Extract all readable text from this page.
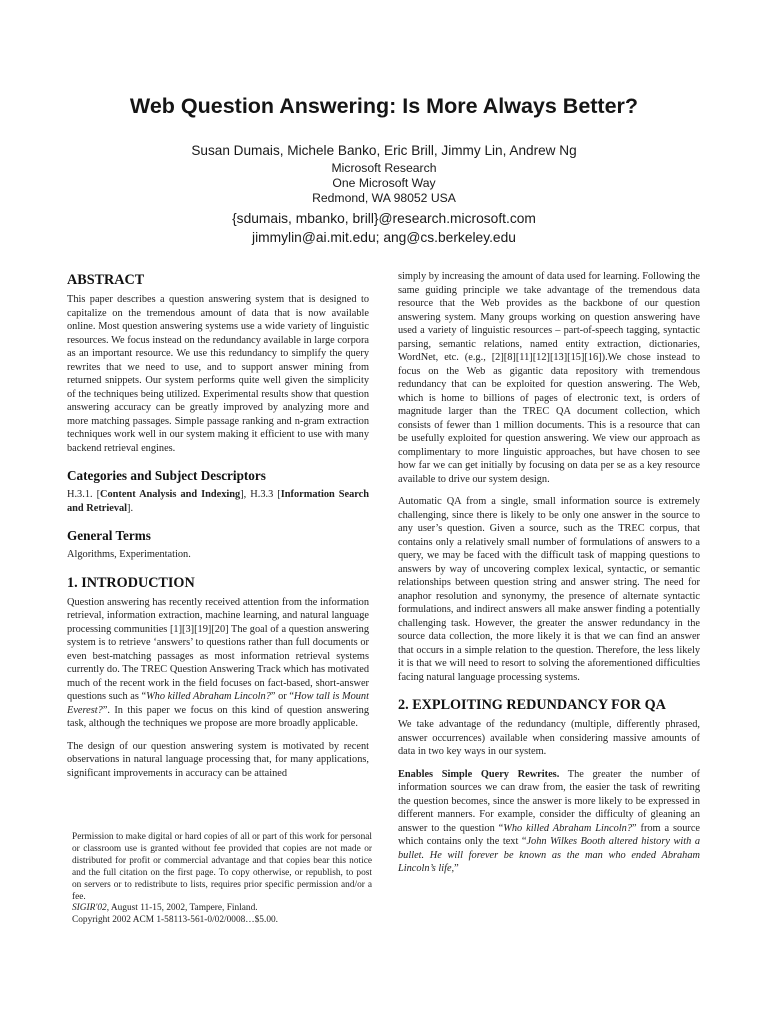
Web Question Answering: Is More Always Better?
Susan Dumais, Michele Banko, Eric Brill, Jimmy Lin, Andrew Ng
Microsoft Research
One Microsoft Way
Redmond, WA 98052 USA
{sdumais, mbanko, brill}@research.microsoft.com
jimmylin@ai.mit.edu; ang@cs.berkeley.edu
ABSTRACT

This paper describes a question answering system that is designed to capitalize on the tremendous amount of data that is now available online. Most question answering systems use a wide variety of linguistic resources. We focus instead on the redundancy available in large corpora as an important resource. We use this redundancy to simplify the query rewrites that we need to use, and to support answer mining from returned snippets. Our system performs quite well given the simplicity of the techniques being utilized. Experimental results show that question answering accuracy can be greatly improved by analyzing more and more matching passages. Simple passage ranking and n-gram extraction techniques work well in our system making it efficient to use with many backend retrieval engines.

Categories and Subject Descriptors

H.3.1. [Content Analysis and Indexing], H.3.3 [Information Search and Retrieval].

General Terms

Algorithms, Experimentation.

1. INTRODUCTION

Question answering has recently received attention from the information retrieval, information extraction, machine learning, and natural language processing communities [1][3][19][20] The goal of a question answering system is to retrieve ‘answers’ to questions rather than full documents or even best-matching passages as most information retrieval systems currently do. The TREC Question Answering Track which has motivated much of the recent work in the field focuses on fact-based, short-answer questions such as “Who killed Abraham Lincoln?” or “How tall is Mount Everest?”. In this paper we focus on this kind of question answering task, although the techniques we propose are more broadly applicable.

The design of our question answering system is motivated by recent observations in natural language processing that, for many applications, significant improvements in accuracy can be attained

Permission to make digital or hard copies of all or part of this work for personal or classroom use is granted without fee provided that copies are not made or distributed for profit or commercial advantage and that copies bear this notice and the full citation on the first page. To copy otherwise, or republish, to post on servers or to redistribute to lists, requires prior specific permission and/or a fee.
SIGIR'02, August 11-15, 2002, Tampere, Finland.
Copyright 2002 ACM 1-58113-561-0/02/0008…$5.00.

simply by increasing the amount of data used for learning. Following the same guiding principle we take advantage of the tremendous data resource that the Web provides as the backbone of our question answering system. Many groups working on question answering have used a variety of linguistic resources – part-of-speech tagging, syntactic parsing, semantic relations, named entity extraction, dictionaries, WordNet, etc. (e.g., [2][8][11][12][13][15][16]).We chose instead to focus on the Web as gigantic data repository with tremendous redundancy that can be exploited for question answering. The Web, which is home to billions of pages of electronic text, is orders of magnitude larger than the TREC QA document collection, which consists of fewer than 1 million documents. This is a resource that can be usefully exploited for question answering. We view our approach as complimentary to more linguistic approaches, but have chosen to see how far we can get initially by focusing on data per se as a key resource available to drive our system design.

Automatic QA from a single, small information source is extremely challenging, since there is likely to be only one answer in the source to any user’s question. Given a source, such as the TREC corpus, that contains only a relatively small number of formulations of answers to a query, we may be faced with the difficult task of mapping questions to answers by way of uncovering complex lexical, syntactic, or semantic relationships between question string and answer string. The need for anaphor resolution and synonymy, the presence of alternate syntactic formulations, and indirect answers all make answer finding a potentially challenging task. However, the greater the answer redundancy in the source data collection, the more likely it is that we can find an answer that occurs in a simple relation to the question. Therefore, the less likely it is that we will need to resort to solving the aforementioned difficulties facing natural language processing systems.

2. EXPLOITING REDUNDANCY FOR QA

We take advantage of the redundancy (multiple, differently phrased, answer occurrences) available when considering massive amounts of data in two key ways in our system.

Enables Simple Query Rewrites. The greater the number of information sources we can draw from, the easier the task of rewriting the question becomes, since the answer is more likely to be expressed in different manners. For example, consider the difficulty of gleaning an answer to the question “Who killed Abraham Lincoln?” from a source which contains only the text “John Wilkes Booth altered history with a bullet. He will forever be known as the man who ended Abraham Lincoln’s life,”
